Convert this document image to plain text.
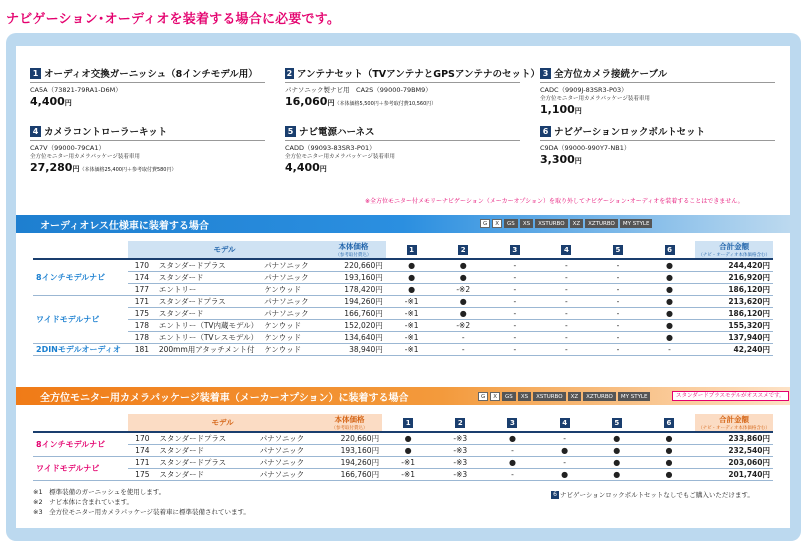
ナビゲーション･オーディオを装着する場合に必要です。
1 オーディオ交換ガーニッシュ（8インチモデル用）
CA5A（73821-79RA1-D6M）
4,400円
2 アンテナセット（TVアンテナとGPSアンテナのセット）
パナソニック製ナビ用　CA2S（99000-79BM9）
16,060円（本体価格5,500円＋参考取付費10,560円）
3 全方位カメラ接続ケーブル
CADC（9909J-83SR3-P03）
全方位モニター用カメラパッケージ装着車用
1,100円
4 カメラコントローラーキット
CA7V（99000-79CA1）
全方位モニター用カメラパッケージ装着車用
27,280円（本体価格25,400円＋参考取付費580円）
5 ナビ電源ハーネス
CADD（99093-83SR3-P01）
全方位モニター用カメラパッケージ装着車用
4,400円
6 ナビゲーションロックボルトセット
C9DA（99000-990Y7-NB1）
3,300円
※全方位モニター付メモリーナビゲーション（メーカーオプション）を取り外してナビゲーション･オーディオを装着することはできません。
オーディオレス仕様車に装着する場合	G	X	GS	XS	XSTURBO	XZ	XZTURBO	MY STYLE
	モデル			本体価格
（参考取付費込）	1	2	3	4	5	6	合計金額
（ナビ・オーディオ本体価格含む）

8インチモデルナビ	170	スタンダードプラス	パナソニック	220,660円	●	●	-	-	-	●	244,420円
	174	スタンダード	パナソニック	193,160円	●	●	-	-	-	●	216,920円
	177	エントリー	ケンウッド	178,420円	●	-※2	-	-	-	●	186,120円
ワイドモデルナビ	171	スタンダードプラス	パナソニック	194,260円	-※1	●	-	-	-	●	213,620円
	175	スタンダード	パナソニック	166,760円	-※1	●	-	-	-	●	186,120円
	178	エントリー（TV内蔵モデル）	ケンウッド	152,020円	-※1	-※2	-	-	-	●	155,320円
	178	エントリー（TVレスモデル）	ケンウッド	134,640円	-※1	-	-	-	-	●	137,940円
2DINモデルオーディオ	181	200mm用アタッチメント付	ケンウッド	38,940円	-※1	-	-	-	-	-	42,240円
全方位モニター用カメラパッケージ装着車（メーカーオプション）に装着する場合	G	X	GS	XS	XSTURBO	XZ	XZTURBO	MY STYLE	スタンダードプラスモデルがオススメです。
	モデル			本体価格
（参考取付費込）	1	2	3	4	5	6	合計金額
（ナビ・オーディオ本体価格含む）

8インチモデルナビ	170	スタンダードプラス	パナソニック	220,660円	●	-※3	●	-	●	●	233,860円
	174	スタンダード	パナソニック	193,160円	●	-※3	-	●	●	●	232,540円
ワイドモデルナビ	171	スタンダードプラス	パナソニック	194,260円	-※1	-※3	●	-	●	●	203,060円
	175	スタンダード	パナソニック	166,760円	-※1	-※3	-	●	●	●	201,740円
※1　標準装備のガーニッシュを使用します。
※2　ナビ本体に含まれています。
※3　全方位モニター用カメラパッケージ装着車に標準装備されています。
6 ナビゲーションロックボルトセットなしでもご購入いただけます。
